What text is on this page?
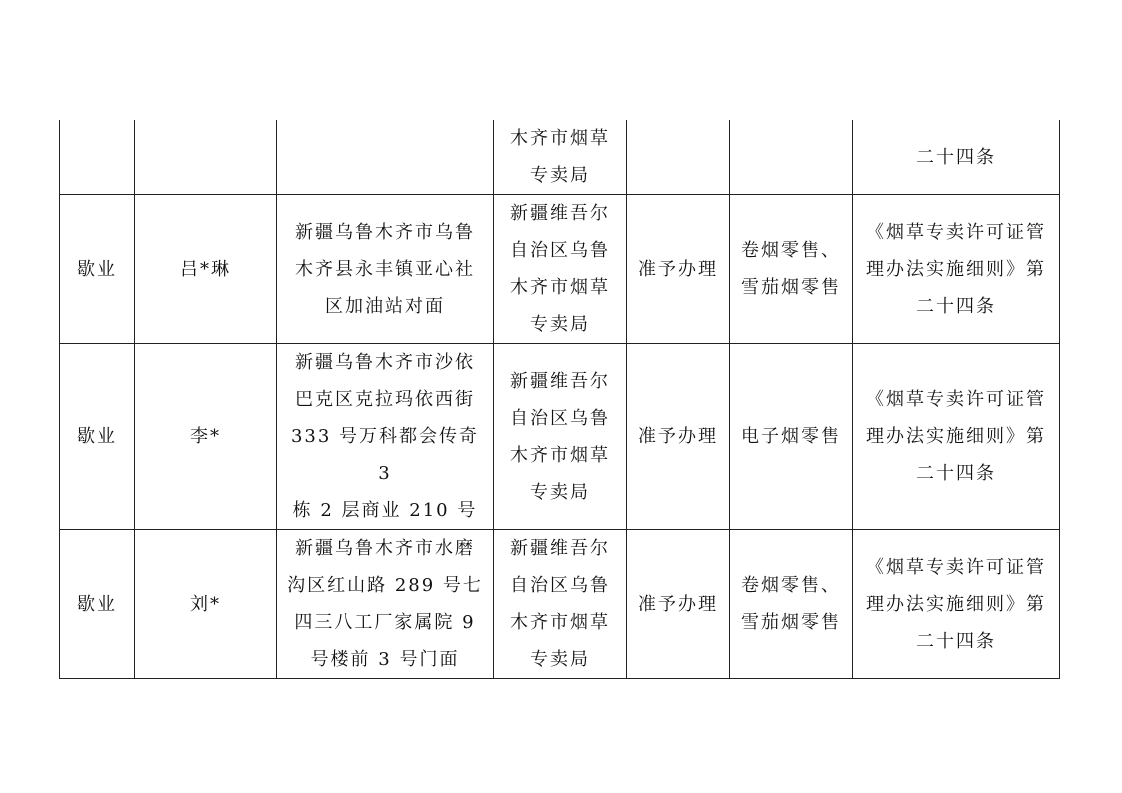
			木齐市烟草
专卖局			二十四条

歇业	吕*琳	新疆乌鲁木齐市乌鲁
木齐县永丰镇亚心社
区加油站对面	新疆维吾尔
自治区乌鲁
木齐市烟草
专卖局	准予办理	卷烟零售、
雪茄烟零售	《烟草专卖许可证管
理办法实施细则》第
二十四条

歇业	李*	新疆乌鲁木齐市沙依
巴克区克拉玛依西街
333 号万科都会传奇 3
栋 2 层商业 210 号	新疆维吾尔
自治区乌鲁
木齐市烟草
专卖局	准予办理	电子烟零售	《烟草专卖许可证管
理办法实施细则》第
二十四条

歇业	刘*	新疆乌鲁木齐市水磨
沟区红山路 289 号七
四三八工厂家属院 9
号楼前 3 号门面	新疆维吾尔
自治区乌鲁
木齐市烟草
专卖局	准予办理	卷烟零售、
雪茄烟零售	《烟草专卖许可证管
理办法实施细则》第
二十四条
